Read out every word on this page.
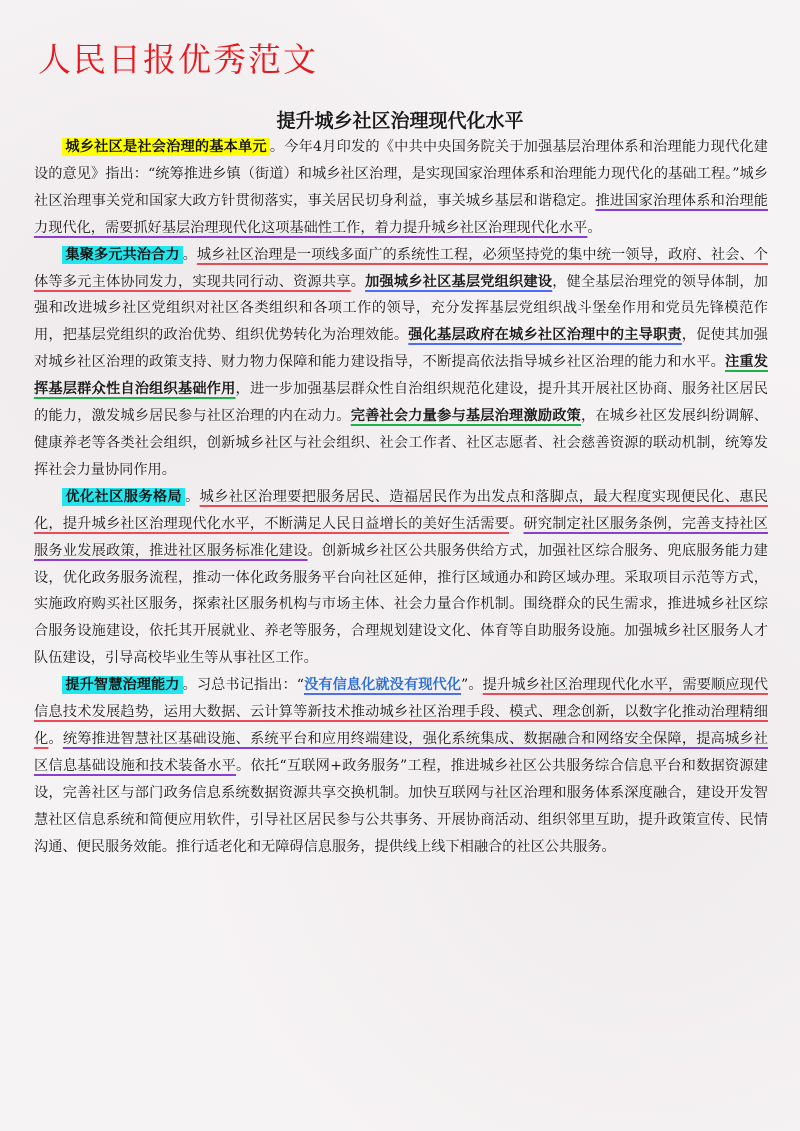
人民日报优秀范文
提升城乡社区治理现代化水平

城乡社区是社会治理的基本单元 。今年4月印发的《中共中央国务院关于加强基层治理体系和治理能力现代化建设的意见》指出：“统筹推进乡镇（街道）和城乡社区治理，是实现国家治理体系和治理能力现代化的基础工程。”城乡社区治理事关党和国家大政方针贯彻落实，事关居民切身利益，事关城乡基层和谐稳定。推进国家治理体系和治理能力现代化，需要抓好基层治理现代化这项基础性工作，着力提升城乡社区治理现代化水平。

集聚多元共治合力 。城乡社区治理是一项线多面广的系统性工程，必须坚持党的集中统一领导，政府、社会、个体等多元主体协同发力，实现共同行动、资源共享。加强城乡社区基层党组织建设，健全基层治理党的领导体制，加强和改进城乡社区党组织对社区各类组织和各项工作的领导，充分发挥基层党组织战斗堡垒作用和党员先锋模范作用，把基层党组织的政治优势、组织优势转化为治理效能。强化基层政府在城乡社区治理中的主导职责，促使其加强对城乡社区治理的政策支持、财力物力保障和能力建设指导，不断提高依法指导城乡社区治理的能力和水平。注重发挥基层群众性自治组织基础作用，进一步加强基层群众性自治组织规范化建设，提升其开展社区协商、服务社区居民的能力，激发城乡居民参与社区治理的内在动力。完善社会力量参与基层治理激励政策，在城乡社区发展纠纷调解、健康养老等各类社会组织，创新城乡社区与社会组织、社会工作者、社区志愿者、社会慈善资源的联动机制，统筹发挥社会力量协同作用。

优化社区服务格局 。城乡社区治理要把服务居民、造福居民作为出发点和落脚点，最大程度实现便民化、惠民化，提升城乡社区治理现代化水平，不断满足人民日益增长的美好生活需要。研究制定社区服务条例，完善支持社区服务业发展政策，推进社区服务标准化建设。创新城乡社区公共服务供给方式，加强社区综合服务、兜底服务能力建设，优化政务服务流程，推动一体化政务服务平台向社区延伸，推行区域通办和跨区域办理。采取项目示范等方式，实施政府购买社区服务，探索社区服务机构与市场主体、社会力量合作机制。围绕群众的民生需求，推进城乡社区综合服务设施建设，依托其开展就业、养老等服务，合理规划建设文化、体育等自助服务设施。加强城乡社区服务人才队伍建设，引导高校毕业生等从事社区工作。

提升智慧治理能力 。习总书记指出：“没有信息化就没有现代化”。提升城乡社区治理现代化水平，需要顺应现代信息技术发展趋势，运用大数据、云计算等新技术推动城乡社区治理手段、模式、理念创新，以数字化推动治理精细化。统筹推进智慧社区基础设施、系统平台和应用终端建设，强化系统集成、数据融合和网络安全保障，提高城乡社区信息基础设施和技术装备水平。依托“互联网+政务服务”工程，推进城乡社区公共服务综合信息平台和数据资源建设，完善社区与部门政务信息系统数据资源共享交换机制。加快互联网与社区治理和服务体系深度融合，建设开发智慧社区信息系统和简便应用软件，引导社区居民参与公共事务、开展协商活动、组织邻里互助，提升政策宣传、民情沟通、便民服务效能。推行适老化和无障碍信息服务，提供线上线下相融合的社区公共服务。
